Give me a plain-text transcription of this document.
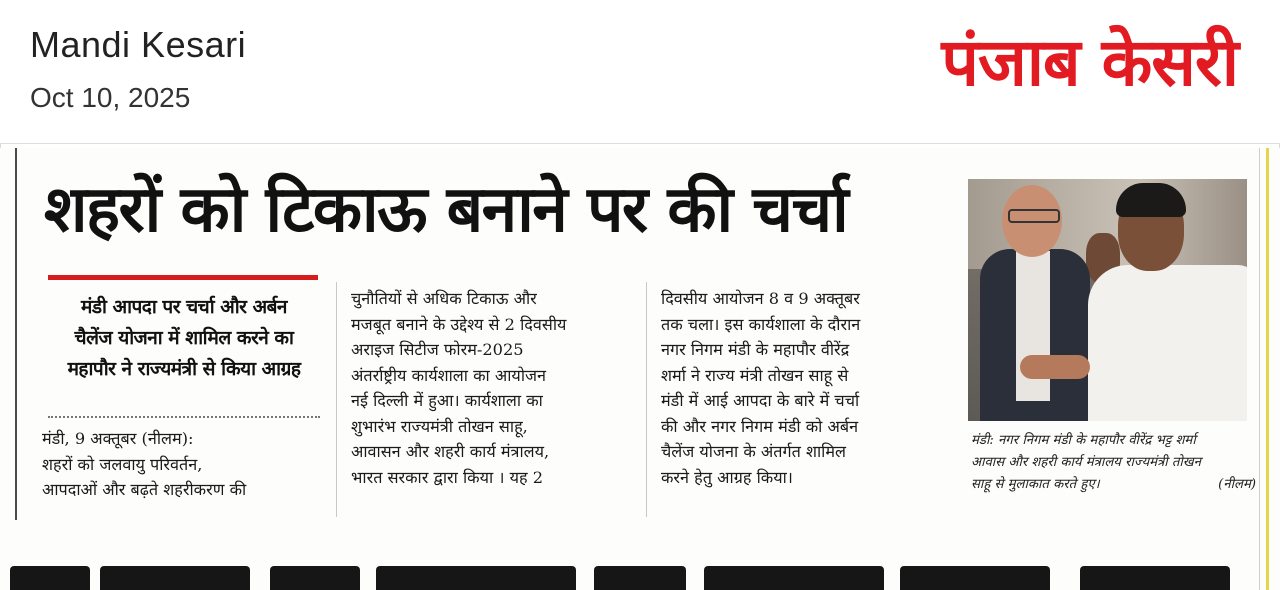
Mandi Kesari
Oct 10, 2025	पंजाब केसरी
शहरों को टिकाऊ बनाने पर की चर्चा
मंडी आपदा पर चर्चा और अर्बन
चैलेंज योजना में शामिल करने का
महापौर ने राज्यमंत्री से किया आग्रह
मंडी, 9 अक्तूबर (नीलम):
शहरों को जलवायु परिवर्तन,
आपदाओं और बढ़ते शहरीकरण की
चुनौतियों से अधिक टिकाऊ और
मजबूत बनाने के उद्देश्य से 2 दिवसीय
अराइज सिटीज फोरम-2025
अंतर्राष्ट्रीय कार्यशाला का आयोजन
नई दिल्ली में हुआ। कार्यशाला का
शुभारंभ राज्यमंत्री तोखन साहू,
आवासन और शहरी कार्य मंत्रालय,
भारत सरकार द्वारा किया । यह 2
दिवसीय आयोजन 8 व 9 अक्तूबर
तक चला। इस कार्यशाला के दौरान
नगर निगम मंडी के महापौर वीरेंद्र
शर्मा ने राज्य मंत्री तोखन साहू से
मंडी में आई आपदा के बारे में चर्चा
की और नगर निगम मंडी को अर्बन
चैलेंज योजना के अंतर्गत शामिल
करने हेतु आग्रह किया।
मंडी: नगर निगम मंडी के महापौर वीरेंद्र भट्ट शर्मा
आवास और शहरी कार्य मंत्रालय राज्यमंत्री तोखन
साहू से मुलाकात करते हुए।	(नीलम)
